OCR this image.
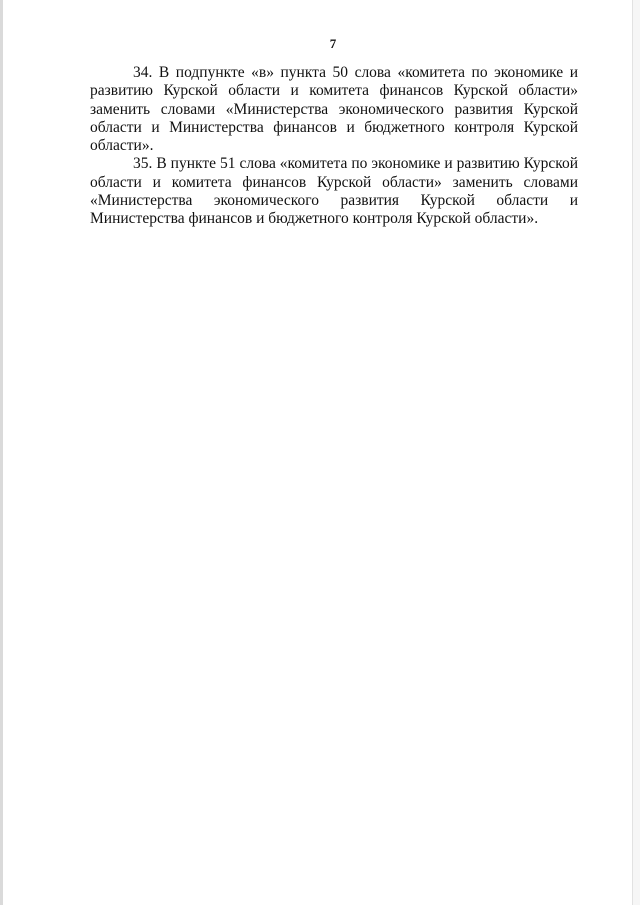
7

34. В подпункте «в» пункта 50 слова «комитета по экономике и развитию Курской области и комитета финансов Курской области» заменить словами «Министерства экономического развития Курской области и Министерства финансов и бюджетного контроля Курской области».

35. В пункте 51 слова «комитета по экономике и развитию Курской области и комитета финансов Курской области» заменить словами «Министерства экономического развития Курской области и Министерства финансов и бюджетного контроля Курской области».
